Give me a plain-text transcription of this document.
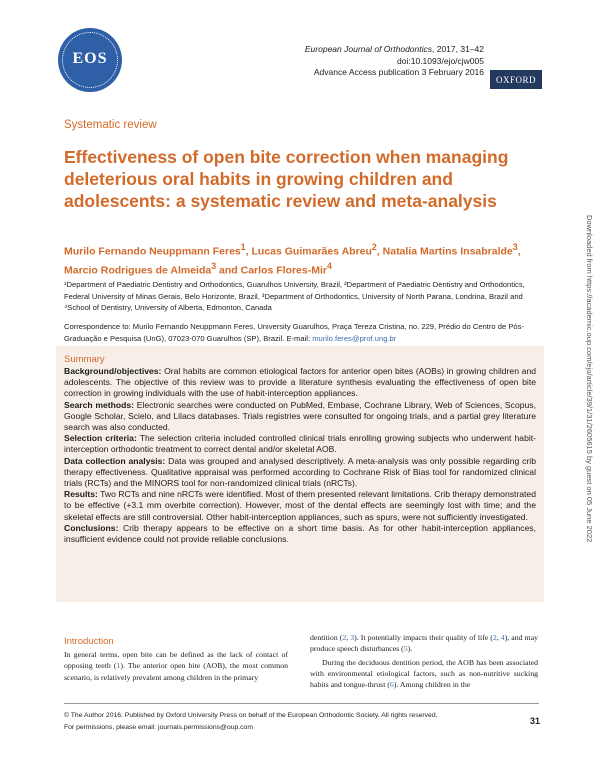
EOS
European Journal of Orthodontics, 2017, 31–42
doi:10.1093/ejo/cjw005
Advance Access publication 3 February 2016
OXFORD
Systematic review
Effectiveness of open bite correction when managing deleterious oral habits in growing children and adolescents: a systematic review and meta-analysis
Murilo Fernando Neuppmann Feres$^1$, Lucas Guimarães Abreu$^2$, Natalia Martins Insabralde$^3$, Marcio Rodrigues de Almeida$^3$ and Carlos Flores-Mir$^4$
¹Department of Paediatric Dentistry and Orthodontics, Guarulhos University, Brazil, ²Department of Paediatric Dentistry and Orthodontics, Federal University of Minas Gerais, Belo Horizonte, Brazil, ³Department of Orthodontics, University of North Parana, Londrina, Brazil and ⁴School of Dentistry, University of Alberta, Edmonton, Canada
Correspondence to: Murilo Fernando Neuppmann Feres, University Guarulhos, Praça Tereza Cristina, no. 229, Prédio do Centro de Pós-Graduação e Pesquisa (UnG), 07023-070 Guarulhos (SP), Brazil. E-mail: murilo.feres@prof.ung.br
Summary

Background/objectives: Oral habits are common etiological factors for anterior open bites (AOBs) in growing children and adolescents. The objective of this review was to provide a literature synthesis evaluating the effectiveness of open bite correction in growing individuals with the use of habit-interception appliances.

Search methods: Electronic searches were conducted on PubMed, Embase, Cochrane Library, Web of Sciences, Scopus, Google Scholar, Scielo, and Lilacs databases. Trials registries were consulted for ongoing trials, and a partial grey literature search was also conducted.

Selection criteria: The selection criteria included controlled clinical trials enrolling growing subjects who underwent habit-interception orthodontic treatment to correct dental and/or skeletal AOB.

Data collection analysis: Data was grouped and analysed descriptively. A meta-analysis was only possible regarding crib therapy effectiveness. Qualitative appraisal was performed according to Cochrane Risk of Bias tool for randomized clinical trials (RCTs) and the MINORS tool for non-randomized clinical trials (nRCTs).

Results: Two RCTs and nine nRCTs were identified. Most of them presented relevant limitations. Crib therapy demonstrated to be effective (+3.1 mm overbite correction). However, most of the dental effects are seemingly lost with time; and the skeletal effects are still controversial. Other habit-interception appliances, such as spurs, were not sufficiently investigated.

Conclusions: Crib therapy appears to be effective on a short time basis. As for other habit-interception appliances, insufficient evidence could not provide reliable conclusions.

Introduction

In general terms, open bite can be defined as the lack of contact of opposing teeth (1). The anterior open bite (AOB), the most common scenario, is relatively prevalent among children in the primary

dentition (2, 3). It potentially impacts their quality of life (2, 4), and may produce speech disturbances (5).

During the deciduous dentition period, the AOB has been associated with environmental etiological factors, such as non-nutritive sucking habits and tongue-thrust (6). Among children in the

© The Author 2016. Published by Oxford University Press on behalf of the European Orthodontic Society. All rights reserved.
For permissions, please email: journals.permissions@oup.com
31
Downloaded from https://academic.oup.com/ejo/article/39/1/31/2605615 by guest on 05 June 2022
